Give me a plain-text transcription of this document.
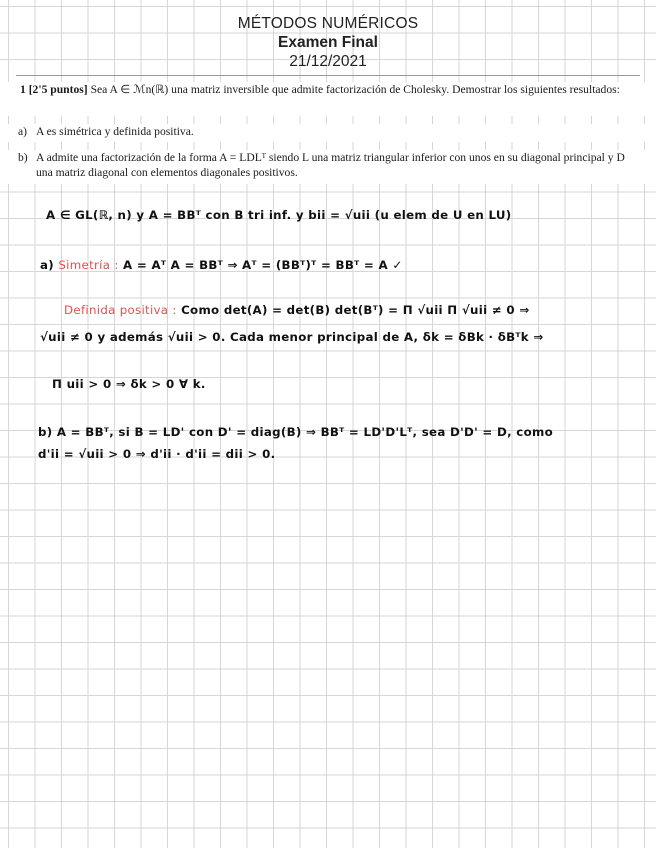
MÉTODOS NUMÉRICOS
Examen Final
21/12/2021
1 [2'5 puntos] Sea A ∈ ℳn(ℝ) una matriz inversible que admite factorización de Cholesky. Demostrar los siguientes resultados:
a) A es simétrica y definida positiva.
b) A admite una factorización de la forma A = LDLᵀ siendo L una matriz triangular inferior con unos en su diagonal principal y D una matriz diagonal con elementos diagonales positivos.
A ∈ GL(ℝ, n) y A = BBᵀ con B tri inf. y bii = √uii (u elem de U en LU)
a) Simetría : A = Aᵀ A = BBᵀ ⇒ Aᵀ = (BBᵀ)ᵀ = BBᵀ = A ✓
Definida positiva : Como det(A) = det(B) det(Bᵀ) = Π √uii Π √uii ≠ 0 ⇒
√uii ≠ 0 y además √uii > 0. Cada menor principal de A, δk = δBk · δBᵀk ⇒
Π uii > 0 ⇒ δk > 0 ∀ k.
b) A = BBᵀ, si B = LD' con D' = diag(B) ⇒ BBᵀ = LD'D'Lᵀ, sea D'D' = D, como
d'ii = √uii > 0 ⇒ d'ii · d'ii = dii > 0.
